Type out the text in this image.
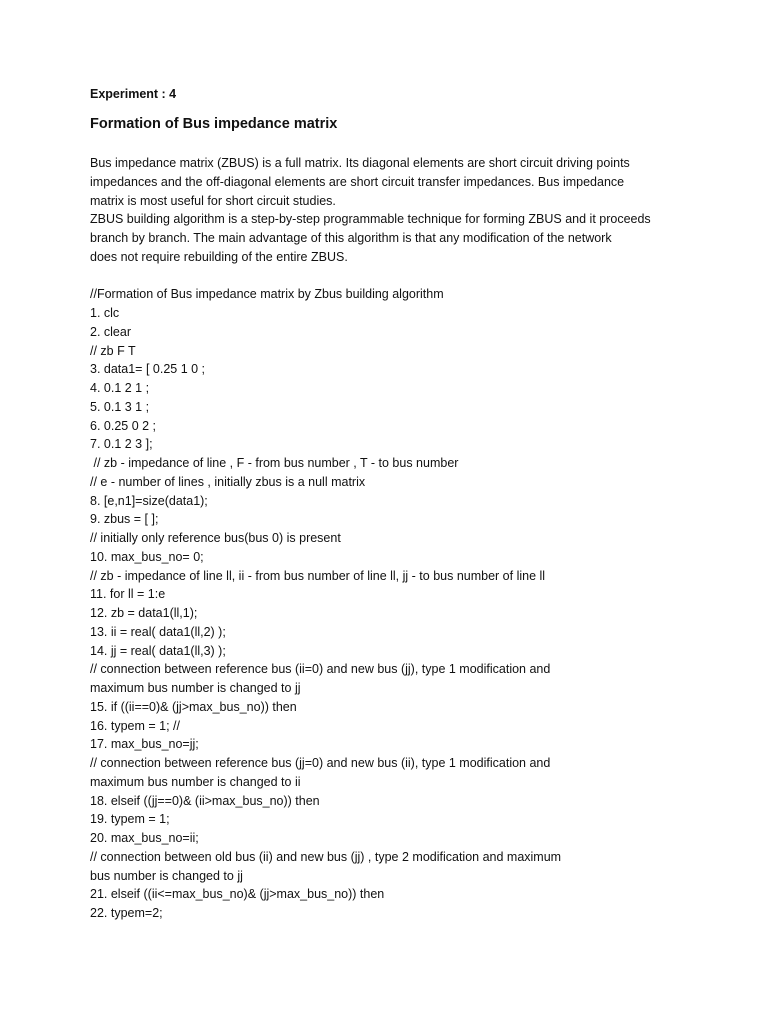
Experiment : 4
Formation of Bus impedance matrix
Bus impedance matrix (ZBUS) is a full matrix. Its diagonal elements are short circuit driving points
impedances and the off-diagonal elements are short circuit transfer impedances. Bus impedance
matrix is most useful for short circuit studies.
ZBUS building algorithm is a step-by-step programmable technique for forming ZBUS and it proceeds
branch by branch. The main advantage of this algorithm is that any modification of the network
does not require rebuilding of the entire ZBUS.
//Formation of Bus impedance matrix by Zbus building algorithm
1. clc
2. clear
// zb F T
3. data1= [ 0.25 1 0 ;
4. 0.1 2 1 ;
5. 0.1 3 1 ;
6. 0.25 0 2 ;
7. 0.1 2 3 ];
// zb - impedance of line , F - from bus number , T - to bus number
// e - number of lines , initially zbus is a null matrix
8. [e,n1]=size(data1);
9. zbus = [ ];
// initially only reference bus(bus 0) is present
10. max_bus_no= 0;
// zb - impedance of line ll, ii - from bus number of line ll, jj - to bus number of line ll
11. for ll = 1:e
12. zb = data1(ll,1);
13. ii = real( data1(ll,2) );
14. jj = real( data1(ll,3) );
// connection between reference bus (ii=0) and new bus (jj), type 1 modification and
maximum bus number is changed to jj
15. if ((ii==0)& (jj>max_bus_no)) then
16. typem = 1; //
17. max_bus_no=jj;
// connection between reference bus (jj=0) and new bus (ii), type 1 modification and
maximum bus number is changed to ii
18. elseif ((jj==0)& (ii>max_bus_no)) then
19. typem = 1;
20. max_bus_no=ii;
// connection between old bus (ii) and new bus (jj) , type 2 modification and maximum
bus number is changed to jj
21. elseif ((ii<=max_bus_no)& (jj>max_bus_no)) then
22. typem=2;
